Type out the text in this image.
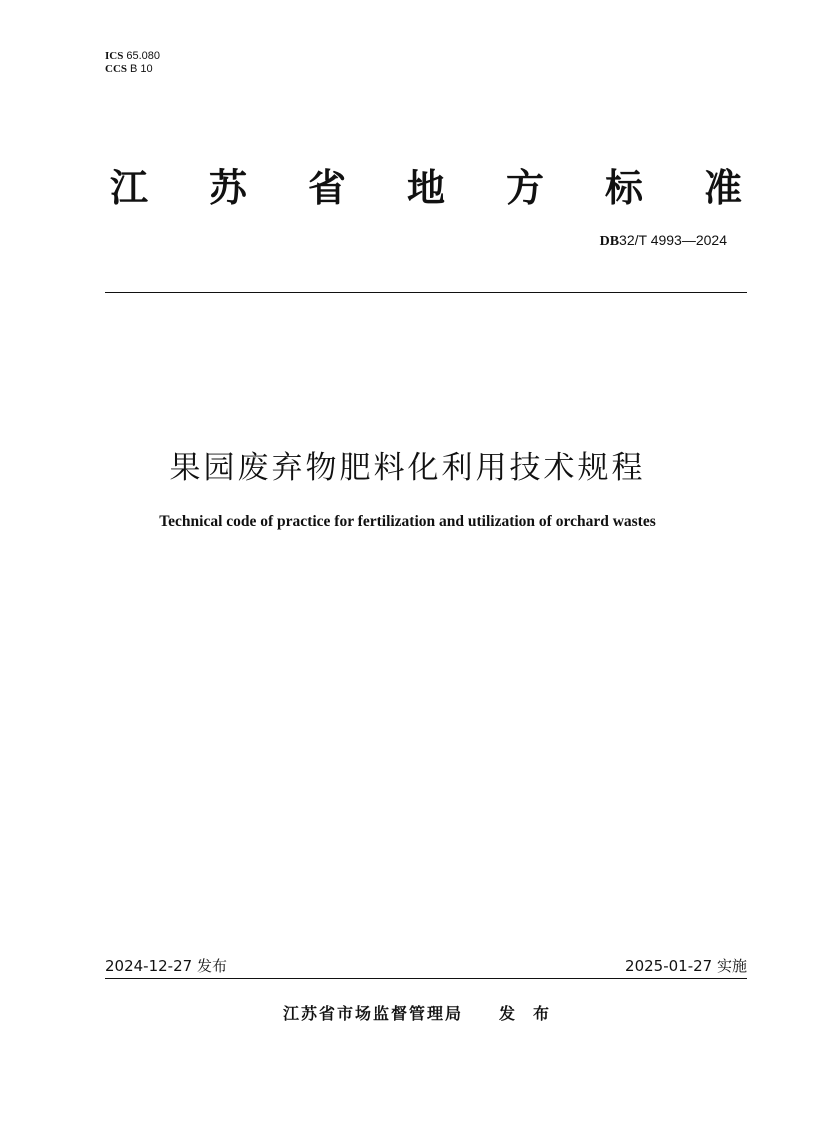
ICS 65.080
CCS B 10
江 苏 省 地 方 标 准
DB32/T 4993—2024
果园废弃物肥料化利用技术规程
Technical code of practice for fertilization and utilization of orchard wastes
2024-12-27 发布	2025-01-27 实施
江苏省市场监督管理局 发布
